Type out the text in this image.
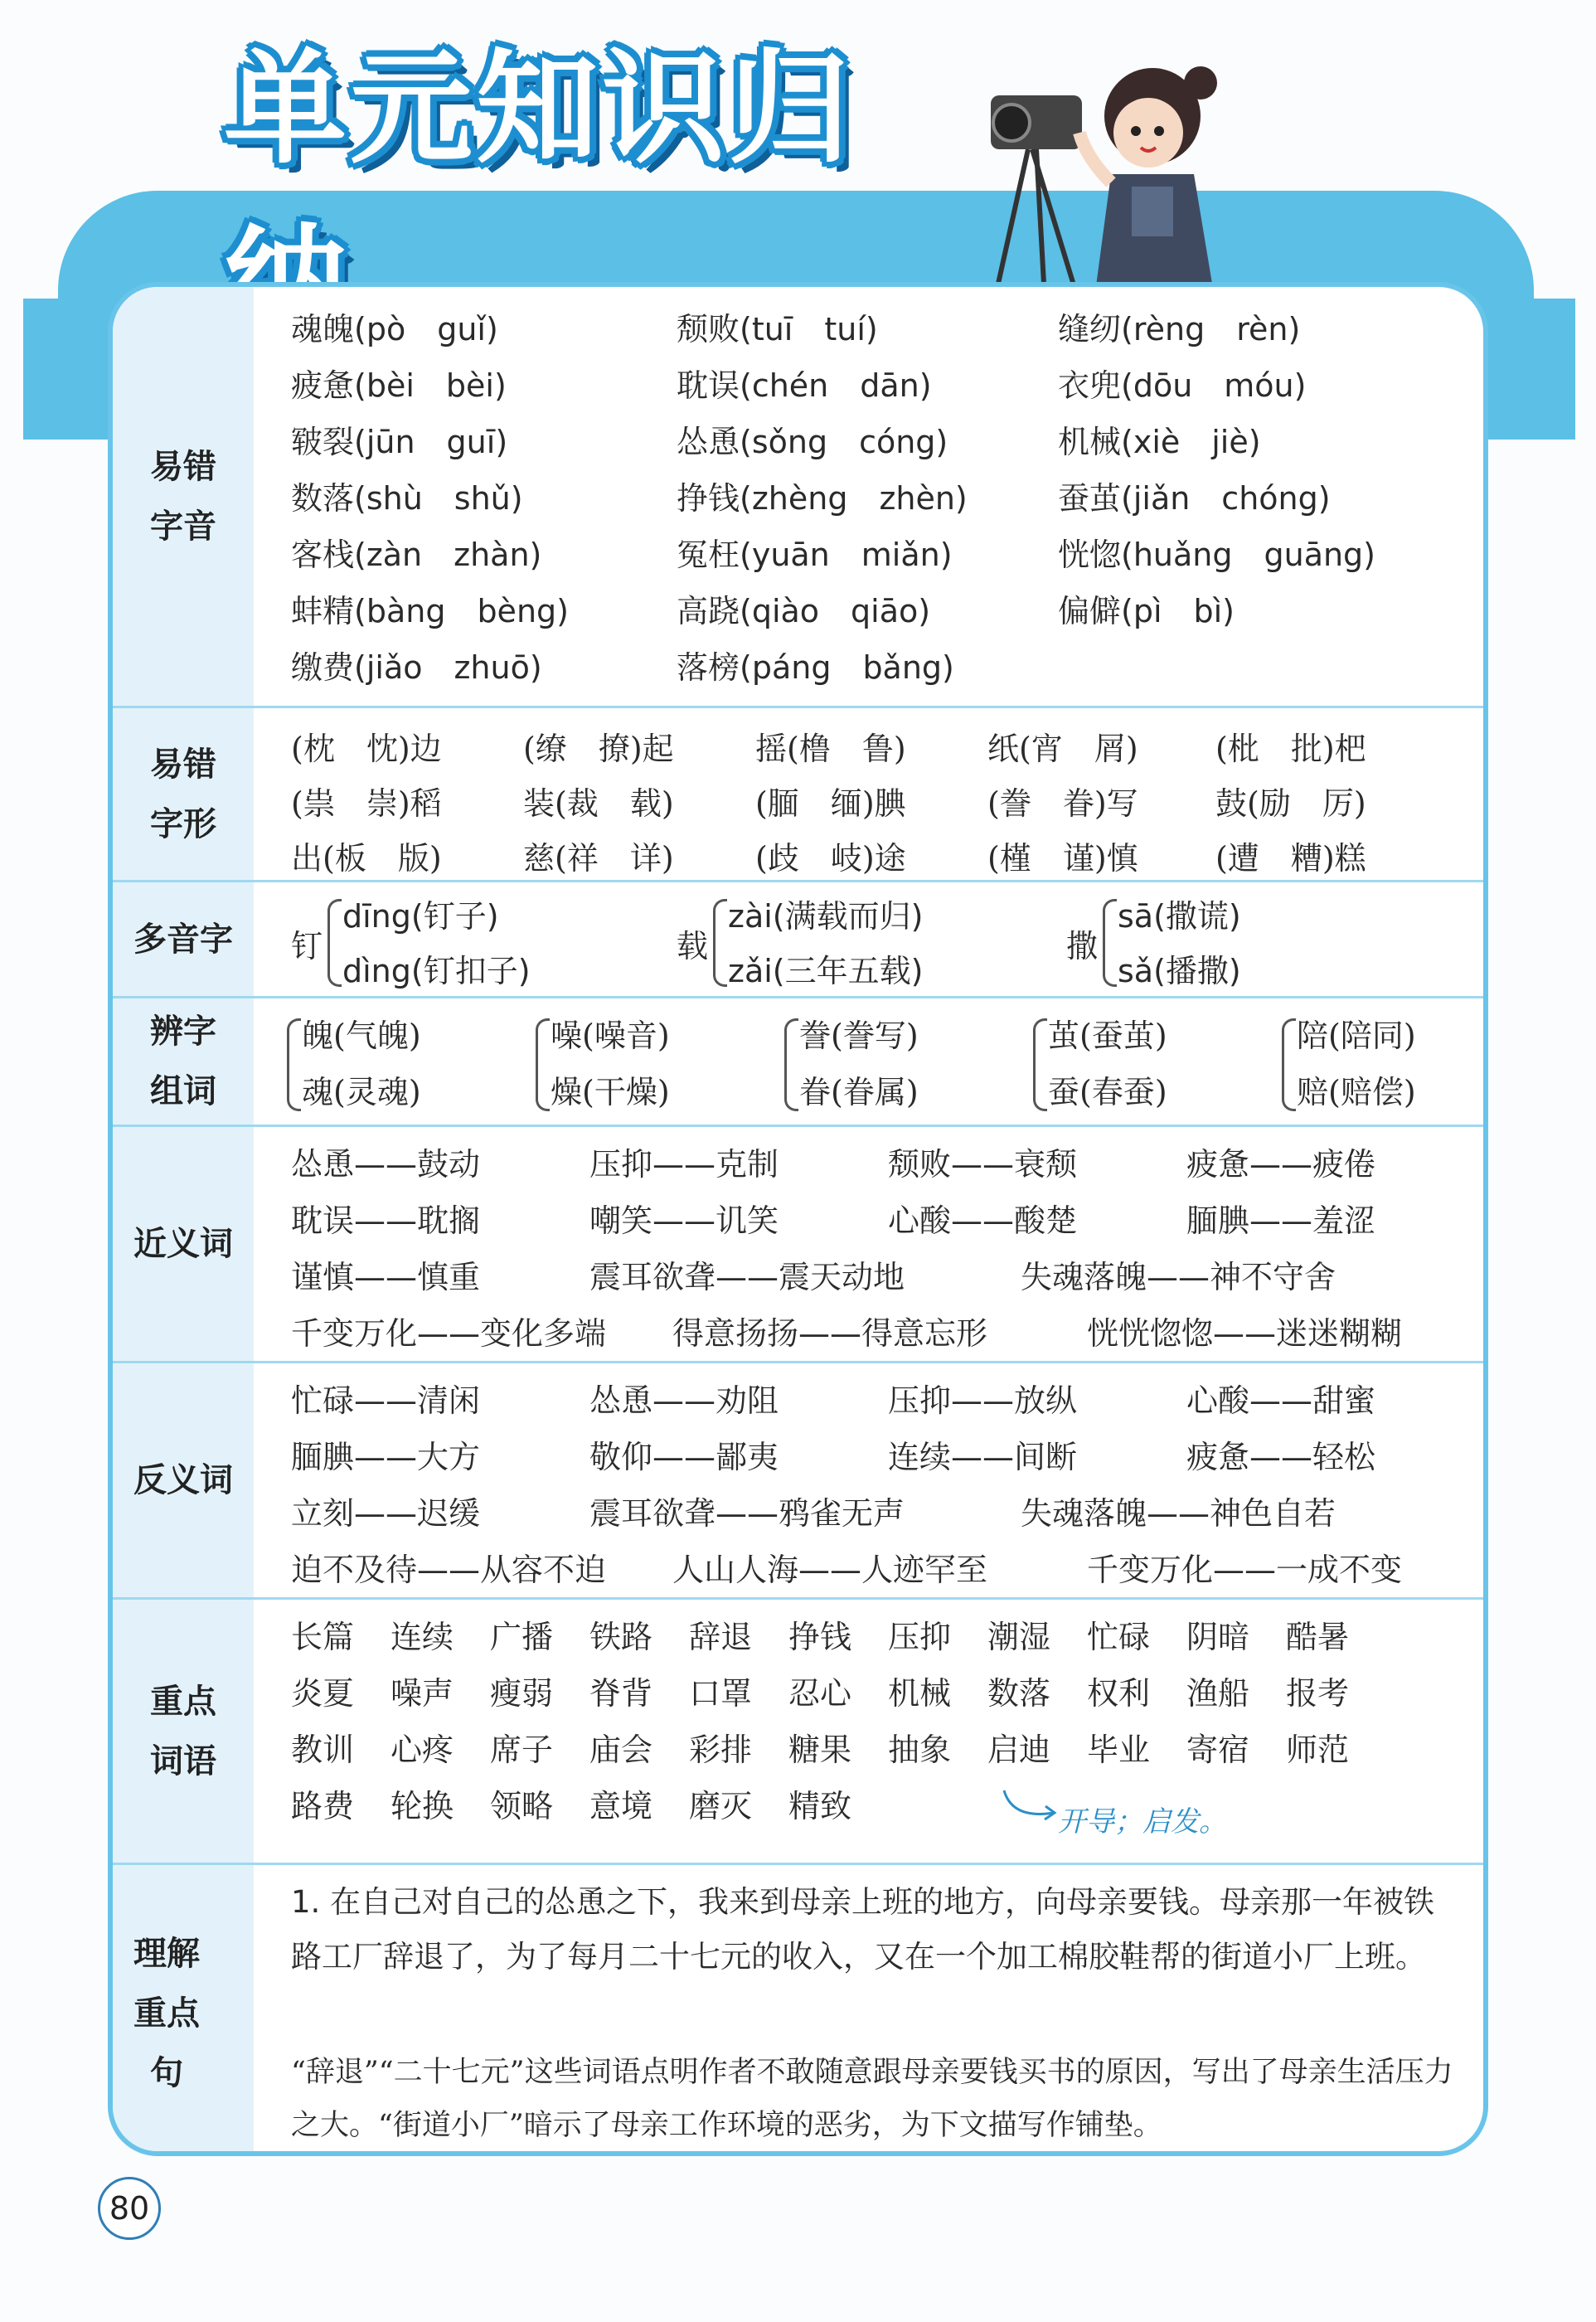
单元知识归
易错
字音
魂魄(pò　guǐ)	颓败(tuī　tuí)	缝纫(rèng　rèn)
疲惫(bèi　bèi)	耽误(chén　dān)	衣兜(dōu　móu)
皲裂(jūn　guī)	怂恿(sǒng　cóng)	机械(xiè　jiè)
数落(shù　shǔ)	挣钱(zhèng　zhèn)	蚕茧(jiǎn　chóng)
客栈(zàn　zhàn)	冤枉(yuān　miǎn)	恍惚(huǎng　guāng)
蚌精(bàng　bèng)	高跷(qiào　qiāo)	偏僻(pì　bì)
缴费(jiǎo　zhuō)	落榜(páng　bǎng)
易错
字形
(枕　忱)边	(缭　撩)起	摇(橹　鲁)	纸(宵　屑) (枇　批)杷
(祟　崇)稻	装(裁　载)	(腼　缅)腆	(誊　眷)写 鼓(励　厉)
出(板　版)	慈(祥　详)	(歧　岐)途	(槿　谨)慎 (遭　糟)糕
多音字 钉
dīng(钉子)
dìng(钉扣子)
载
zài(满载而归)
zǎi(三年五载)
撒
sā(撒谎)
sǎ(播撒)
辨字
组词
魄(气魄)
魂(灵魂)
噪(噪音)
燥(干燥)
誊(誊写)
眷(眷属)
茧(蚕茧)
蚕(春蚕)
陪(陪同)
赔(赔偿)
近义词
怂恿——鼓动	压抑——克制	颓败——衰颓	疲惫——疲倦
耽误——耽搁	嘲笑——讥笑	心酸——酸楚	腼腆——羞涩
谨慎——慎重	震耳欲聋——震天动地	失魂落魄——神不守舍
千变万化——变化多端 得意扬扬——得意忘形	恍恍惚惚——迷迷糊糊
反义词
忙碌——清闲	怂恿——劝阻	压抑——放纵	心酸——甜蜜
腼腆——大方	敬仰——鄙夷	连续——间断	疲惫——轻松
立刻——迟缓	震耳欲聋——鸦雀无声	失魂落魄——神色自若
迫不及待——从容不迫 人山人海——人迹罕至	千变万化——一成不变
重点
词语
长篇 连续 广播 铁路 辞退 挣钱 压抑 潮湿 忙碌 阴暗 酷暑
炎夏 噪声 瘦弱 脊背 口罩 忍心 机械 数落 权利 渔船 报考
教训 心疼 席子 庙会 彩排 糖果 抽象 启迪 毕业 寄宿 师范
路费 轮换 领略 意境 磨灭 精致	开导；启发。
理解
重点句
1. 在自己对自己的怂恿之下，我来到母亲上班的地方，向母亲要钱。母亲那一年被铁路工厂辞退了，为了每月二十七元的收入，又在一个加工棉胶鞋帮的街道小厂上班。
“辞退”“二十七元”这些词语点明作者不敢随意跟母亲要钱买书的原因，写出了母亲生活压力之大。“街道小厂”暗示了母亲工作环境的恶劣，为下文描写作铺垫。
80
